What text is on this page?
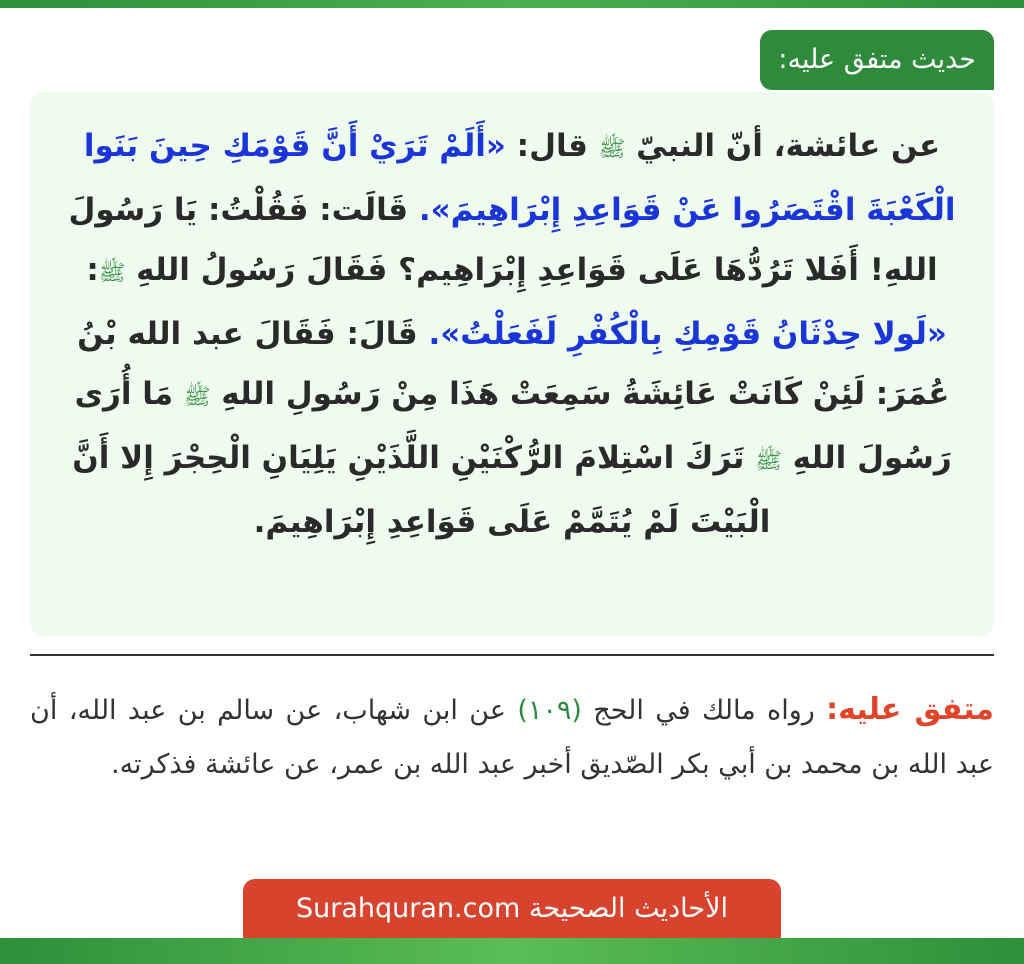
حديث متفق عليه:
عن عائشة، أنّ النبيّ ﷺ قال: «أَلَمْ تَرَيْ أَنَّ قَوْمَكِ حِينَ بَنَوا الْكَعْبَةَ اقْتَصَرُوا عَنْ قَوَاعِدِ إِبْرَاهِيمَ». قَالَت: فَقُلْتُ: يَا رَسُولَ اللهِ! أَفَلا تَرُدُّهَا عَلَى قَوَاعِدِ إِبْرَاهِيم؟ فَقَالَ رَسُولُ اللهِ ﷺ: «لَولا حِدْثَانُ قَوْمِكِ بِالْكُفْرِ لَفَعَلْتُ». قَالَ: فَقَالَ عبد الله بْنُ عُمَرَ: لَئِنْ كَانَتْ عَائِشَةُ سَمِعَتْ هَذَا مِنْ رَسُولِ اللهِ ﷺ مَا أُرَى رَسُولَ اللهِ ﷺ تَرَكَ اسْتِلامَ الرُّكْنَيْنِ اللَّذَيْنِ يَلِيَانِ الْحِجْرَ إِلا أَنَّ الْبَيْتَ لَمْ يُتَمَّمْ عَلَى قَوَاعِدِ إِبْرَاهِيمَ.
متفق عليه: رواه مالك في الحج (١٠٩) عن ابن شهاب، عن سالم بن عبد الله، أن عبد الله بن محمد بن أبي بكر الصّديق أخبر عبد الله بن عمر، عن عائشة فذكرته.
الأحاديث الصحيحة Surahquran.com
